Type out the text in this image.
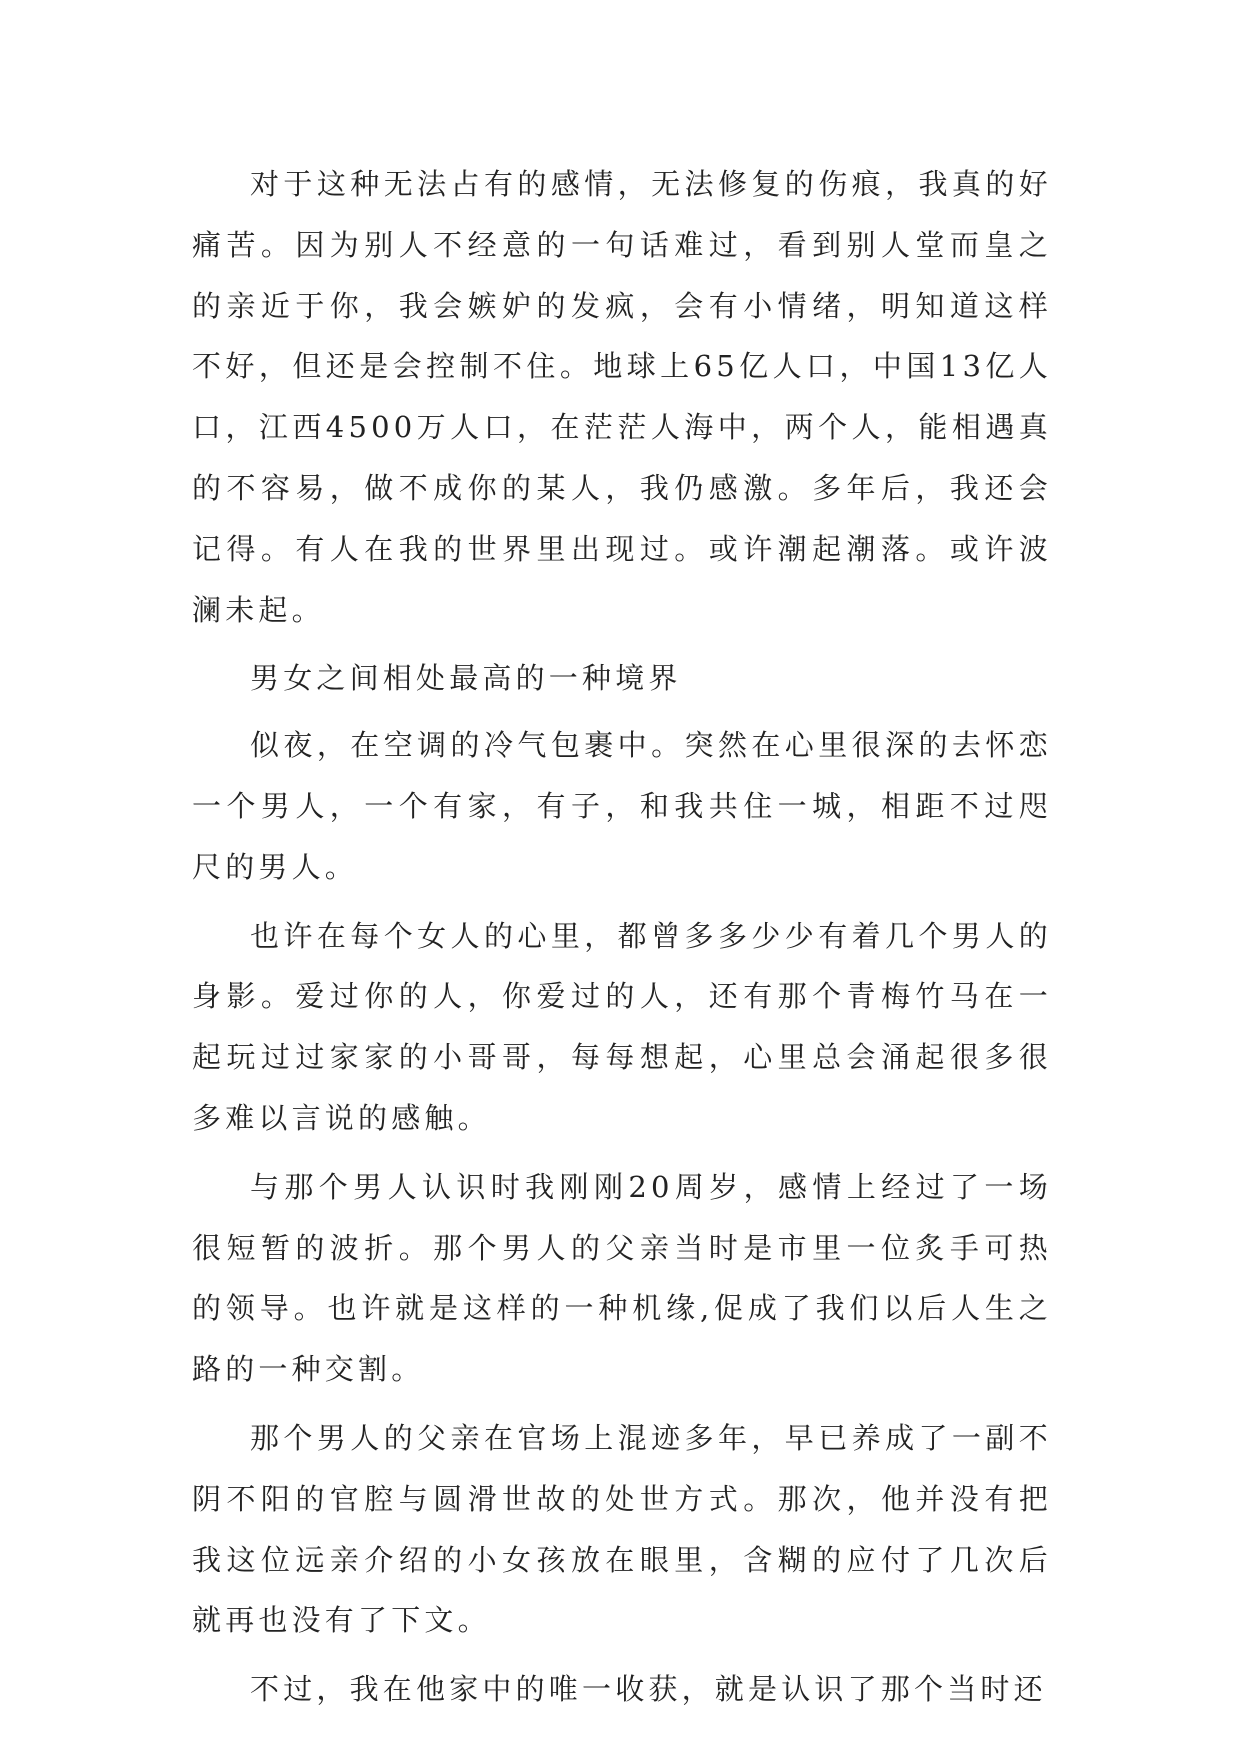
对于这种无法占有的感情，无法修复的伤痕，我真的好痛苦。因为别人不经意的一句话难过，看到别人堂而皇之的亲近于你，我会嫉妒的发疯，会有小情绪，明知道这样不好，但还是会控制不住。地球上65亿人口，中国13亿人口，江西4500万人口，在茫茫人海中，两个人，能相遇真的不容易，做不成你的某人，我仍感激。多年后，我还会记得。有人在我的世界里出现过。或许潮起潮落。或许波澜未起。

男女之间相处最高的一种境界

似夜，在空调的冷气包裹中。突然在心里很深的去怀恋一个男人，一个有家，有子，和我共住一城，相距不过咫尺的男人。

也许在每个女人的心里，都曾多多少少有着几个男人的身影。爱过你的人，你爱过的人，还有那个青梅竹马在一起玩过过家家的小哥哥，每每想起，心里总会涌起很多很多难以言说的感触。

与那个男人认识时我刚刚20周岁，感情上经过了一场很短暂的波折。那个男人的父亲当时是市里一位炙手可热的领导。也许就是这样的一种机缘,促成了我们以后人生之路的一种交割。

那个男人的父亲在官场上混迹多年，早已养成了一副不阴不阳的官腔与圆滑世故的处世方式。那次，他并没有把我这位远亲介绍的小女孩放在眼里，含糊的应付了几次后就再也没有了下文。

不过，我在他家中的唯一收获，就是认识了那个当时还
